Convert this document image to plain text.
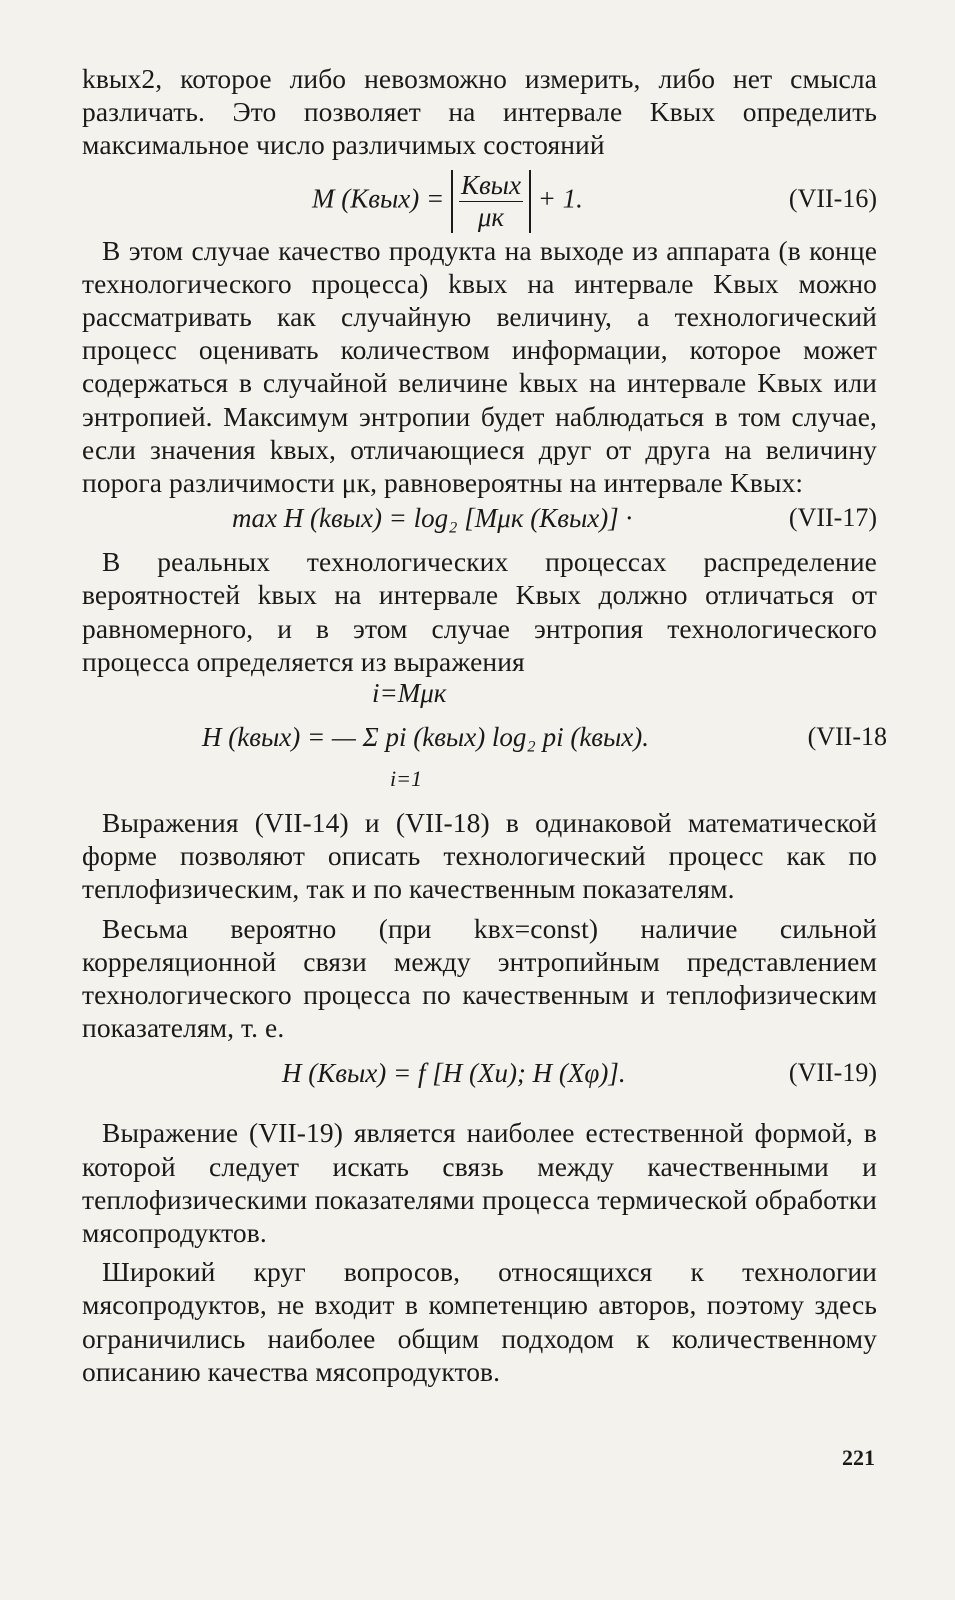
kвых2, которое либо невозможно измерить, либо нет смысла различать. Это позволяет на интервале Kвых определить максимальное число различимых состояний

M (Kвых) = $\frac{\text{Kвых}}{\mu к} + 1$.	(VII-16)

В этом случае качество продукта на выходе из аппарата (в конце технологического процесса) kвых на интервале Kвых можно рассматривать как случайную величину, а технологический процесс оценивать количеством информации, которое может содержаться в случайной величине kвых на интервале Kвых или энтропией. Максимум энтропии будет наблюдаться в том случае, если значения kвых, отличающиеся друг от друга на величину порога различимости μк, равновероятны на интервале Kвых:

max H (kвых) = log₂ [Mμк (Kвых)] ·	(VII-17)

В реальных технологических процессах распределение вероятностей kвых на интервале Kвых должно отличаться от равномерного, и в этом случае энтропия технологического процесса определяется из выражения

i=Mμк
H (kвых) = — Σ pi (kвых) log₂ pi (kвых).
i=1
(VII-18

Выражения (VII-14) и (VII-18) в одинаковой математической форме позволяют описать технологический процесс как по теплофизическим, так и по качественным показателям.

Весьма вероятно (при kвх=const) наличие сильной корреляционной связи между энтропийным представлением технологического процесса по качественным и теплофизическим показателям, т. е.

H (Kвых) = f [H (Xu); H (Xφ)].	(VII-19)

Выражение (VII-19) является наиболее естественной формой, в которой следует искать связь между качественными и теплофизическими показателями процесса термической обработки мясопродуктов.

Широкий круг вопросов, относящихся к технологии мясопродуктов, не входит в компетенцию авторов, поэтому здесь ограничились наиболее общим подходом к количественному описанию качества мясопродуктов.

221
